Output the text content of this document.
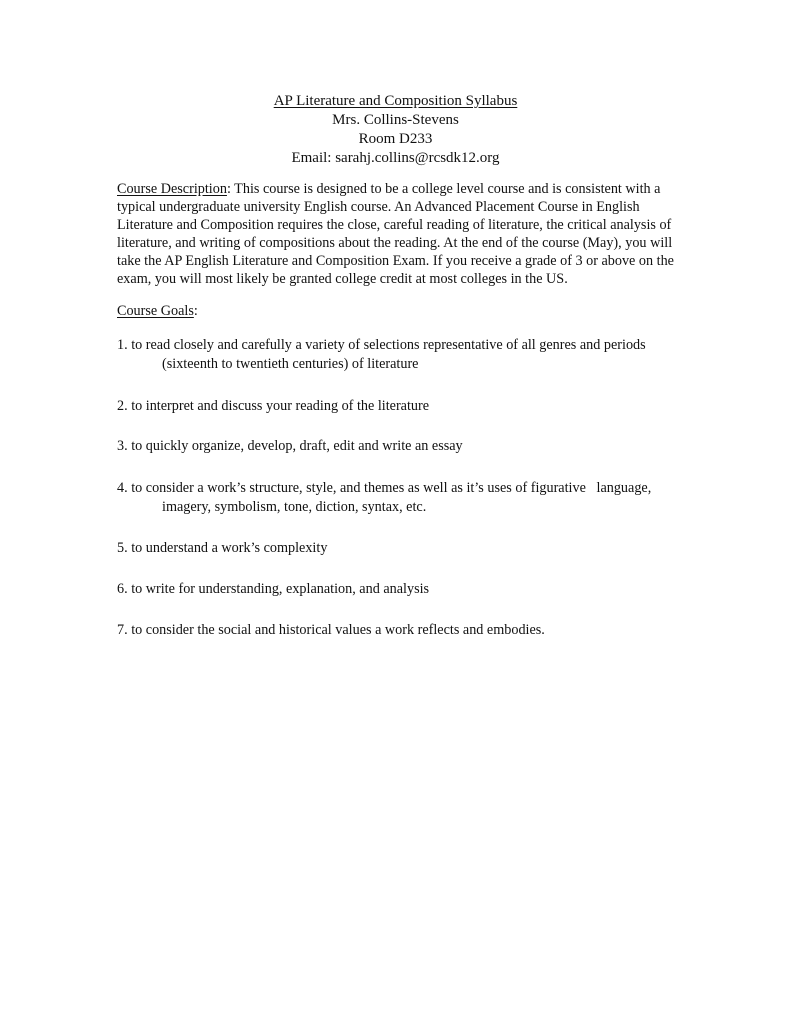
AP Literature and Composition Syllabus
Mrs. Collins-Stevens
Room D233
Email: sarahj.collins@rcsdk12.org
Course Description: This course is designed to be a college level course and is consistent with a
typical undergraduate university English course. An Advanced Placement Course in English
Literature and Composition requires the close, careful reading of literature, the critical analysis of
literature, and writing of compositions about the reading. At the end of the course (May), you will
take the AP English Literature and Composition Exam. If you receive a grade of 3 or above on the
exam, you will most likely be granted college credit at most colleges in the US.
Course Goals:
1. to read closely and carefully a variety of selections representative of all genres and periods
(sixteenth to twentieth centuries) of literature
2. to interpret and discuss your reading of the literature
3. to quickly organize, develop, draft, edit and write an essay
4. to consider a work’s structure, style, and themes as well as it’s uses of figurative   language,
imagery, symbolism, tone, diction, syntax, etc.
5. to understand a work’s complexity
6. to write for understanding, explanation, and analysis
7. to consider the social and historical values a work reflects and embodies.
